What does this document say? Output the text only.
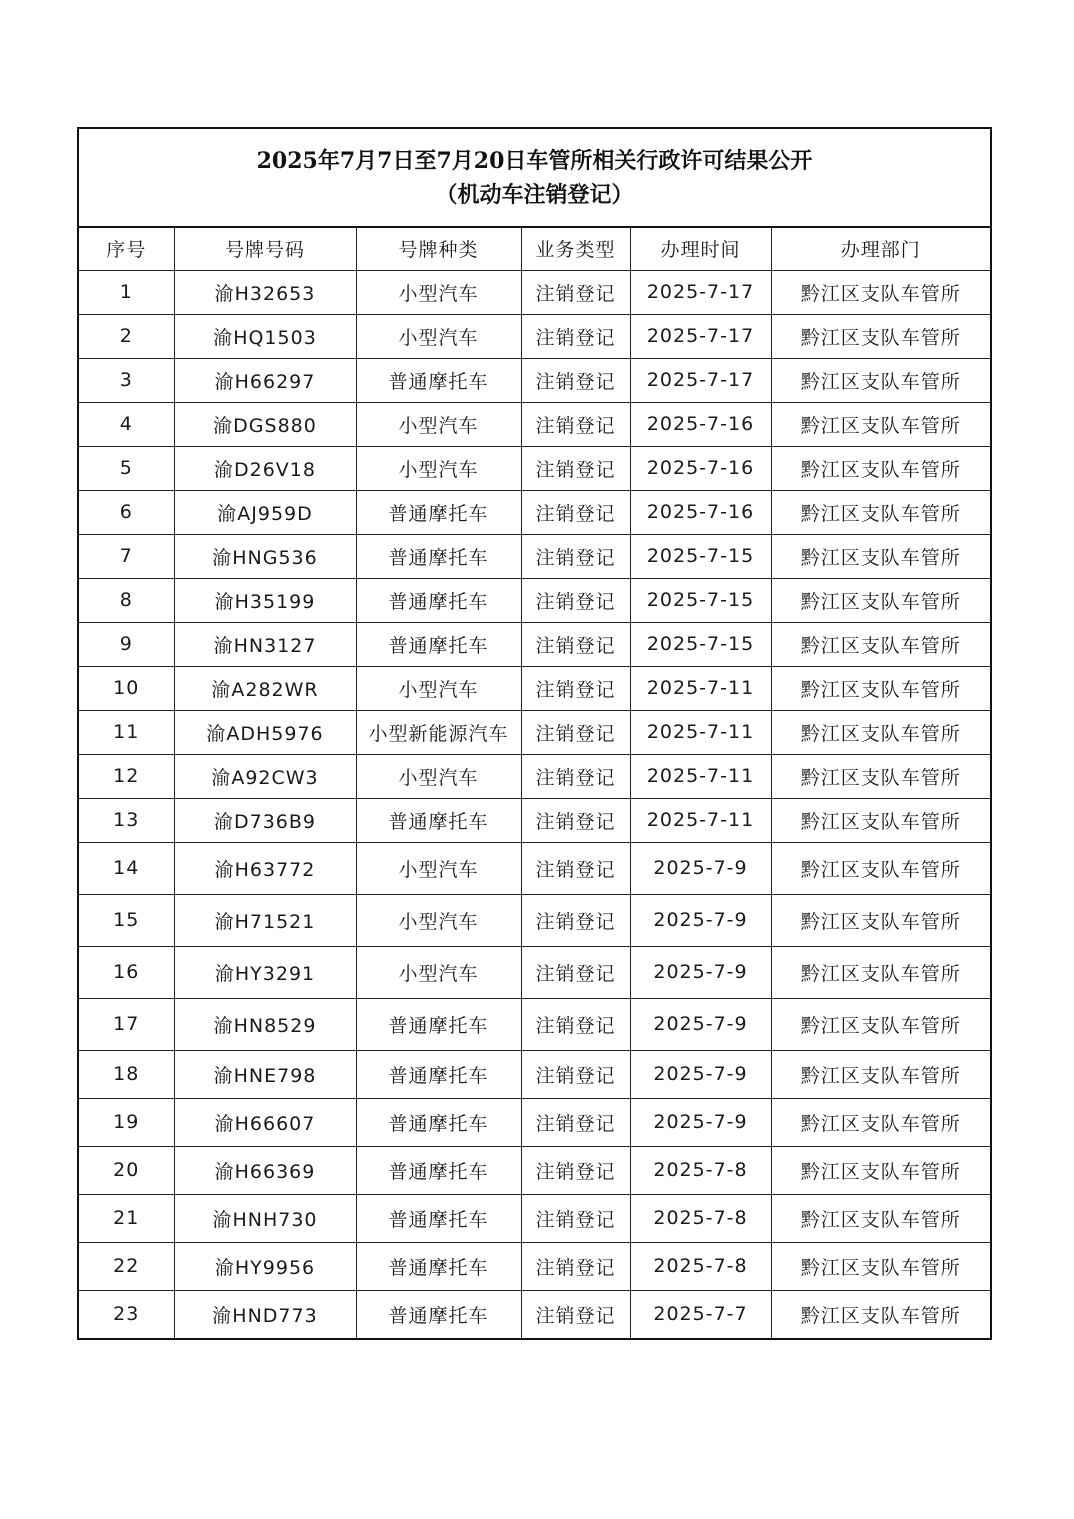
2025年7月7日至7月20日车管所相关行政许可结果公开
（机动车注销登记）
序号	号牌号码	号牌种类	业务类型	办理时间	办理部门
1	渝H32653	小型汽车	注销登记	2025-7-17	黔江区支队车管所
2	渝HQ1503	小型汽车	注销登记	2025-7-17	黔江区支队车管所
3	渝H66297	普通摩托车	注销登记	2025-7-17	黔江区支队车管所
4	渝DGS880	小型汽车	注销登记	2025-7-16	黔江区支队车管所
5	渝D26V18	小型汽车	注销登记	2025-7-16	黔江区支队车管所
6	渝AJ959D	普通摩托车	注销登记	2025-7-16	黔江区支队车管所
7	渝HNG536	普通摩托车	注销登记	2025-7-15	黔江区支队车管所
8	渝H35199	普通摩托车	注销登记	2025-7-15	黔江区支队车管所
9	渝HN3127	普通摩托车	注销登记	2025-7-15	黔江区支队车管所
10	渝A282WR	小型汽车	注销登记	2025-7-11	黔江区支队车管所
11	渝ADH5976	小型新能源汽车	注销登记	2025-7-11	黔江区支队车管所
12	渝A92CW3	小型汽车	注销登记	2025-7-11	黔江区支队车管所
13	渝D736B9	普通摩托车	注销登记	2025-7-11	黔江区支队车管所
14	渝H63772	小型汽车	注销登记	2025-7-9	黔江区支队车管所
15	渝H71521	小型汽车	注销登记	2025-7-9	黔江区支队车管所
16	渝HY3291	小型汽车	注销登记	2025-7-9	黔江区支队车管所
17	渝HN8529	普通摩托车	注销登记	2025-7-9	黔江区支队车管所
18	渝HNE798	普通摩托车	注销登记	2025-7-9	黔江区支队车管所
19	渝H66607	普通摩托车	注销登记	2025-7-9	黔江区支队车管所
20	渝H66369	普通摩托车	注销登记	2025-7-8	黔江区支队车管所
21	渝HNH730	普通摩托车	注销登记	2025-7-8	黔江区支队车管所
22	渝HY9956	普通摩托车	注销登记	2025-7-8	黔江区支队车管所
23	渝HND773	普通摩托车	注销登记	2025-7-7	黔江区支队车管所
